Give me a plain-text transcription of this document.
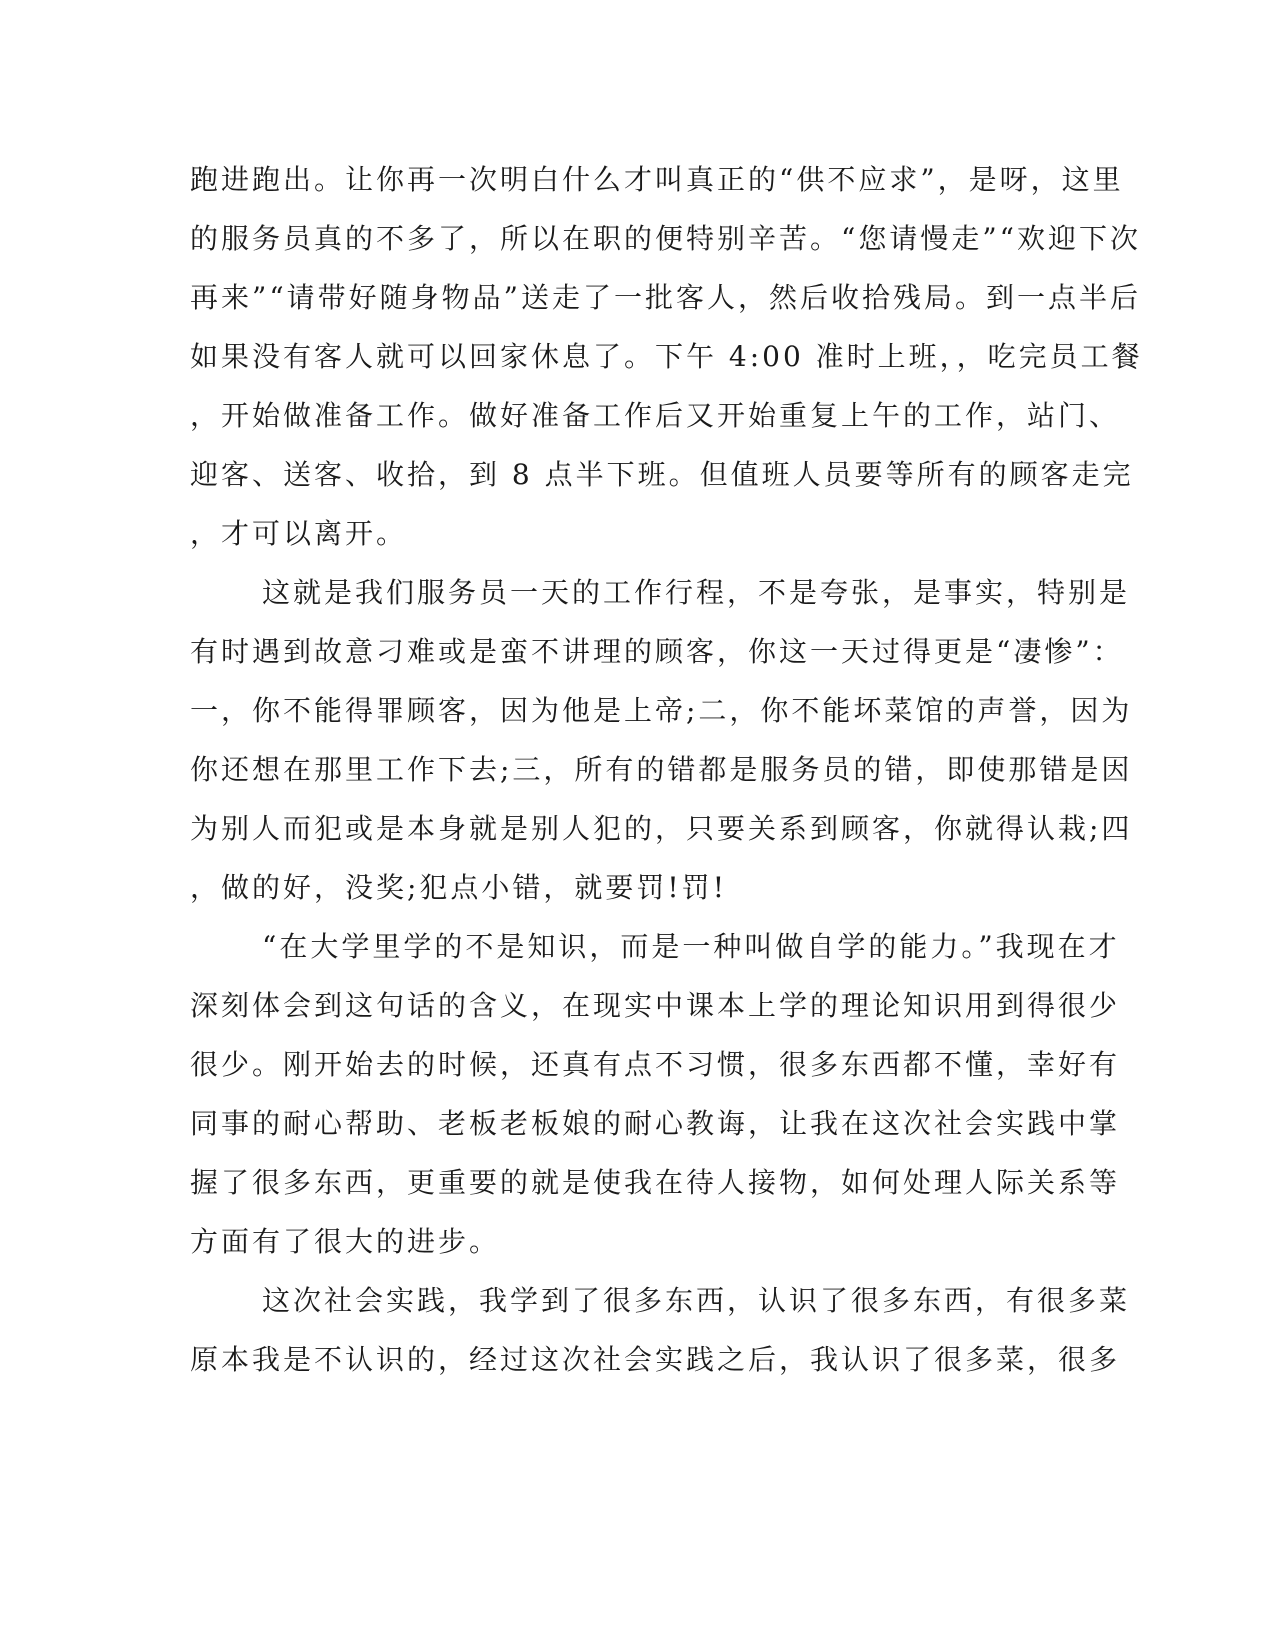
跑进跑出。让你再一次明白什么才叫真正的“供不应求”，是呀，这里
的服务员真的不多了，所以在职的便特别辛苦。“您请慢走”“欢迎下次
再来”“请带好随身物品”送走了一批客人，然后收拾残局。到一点半后
如果没有客人就可以回家休息了。下午 4:00 准时上班，，吃完员工餐
，开始做准备工作。做好准备工作后又开始重复上午的工作，站门、
迎客、送客、收拾，到 8 点半下班。但值班人员要等所有的顾客走完
，才可以离开。
这就是我们服务员一天的工作行程，不是夸张，是事实，特别是
有时遇到故意刁难或是蛮不讲理的顾客，你这一天过得更是“凄惨”：
一，你不能得罪顾客，因为他是上帝;二，你不能坏菜馆的声誉，因为
你还想在那里工作下去;三，所有的错都是服务员的错，即使那错是因
为别人而犯或是本身就是别人犯的，只要关系到顾客，你就得认栽;四
，做的好，没奖;犯点小错，就要罚!罚!
“在大学里学的不是知识，而是一种叫做自学的能力。”我现在才
深刻体会到这句话的含义，在现实中课本上学的理论知识用到得很少
很少。刚开始去的时候，还真有点不习惯，很多东西都不懂，幸好有
同事的耐心帮助、老板老板娘的耐心教诲，让我在这次社会实践中掌
握了很多东西，更重要的就是使我在待人接物，如何处理人际关系等
方面有了很大的进步。
这次社会实践，我学到了很多东西，认识了很多东西，有很多菜
原本我是不认识的，经过这次社会实践之后，我认识了很多菜，很多
